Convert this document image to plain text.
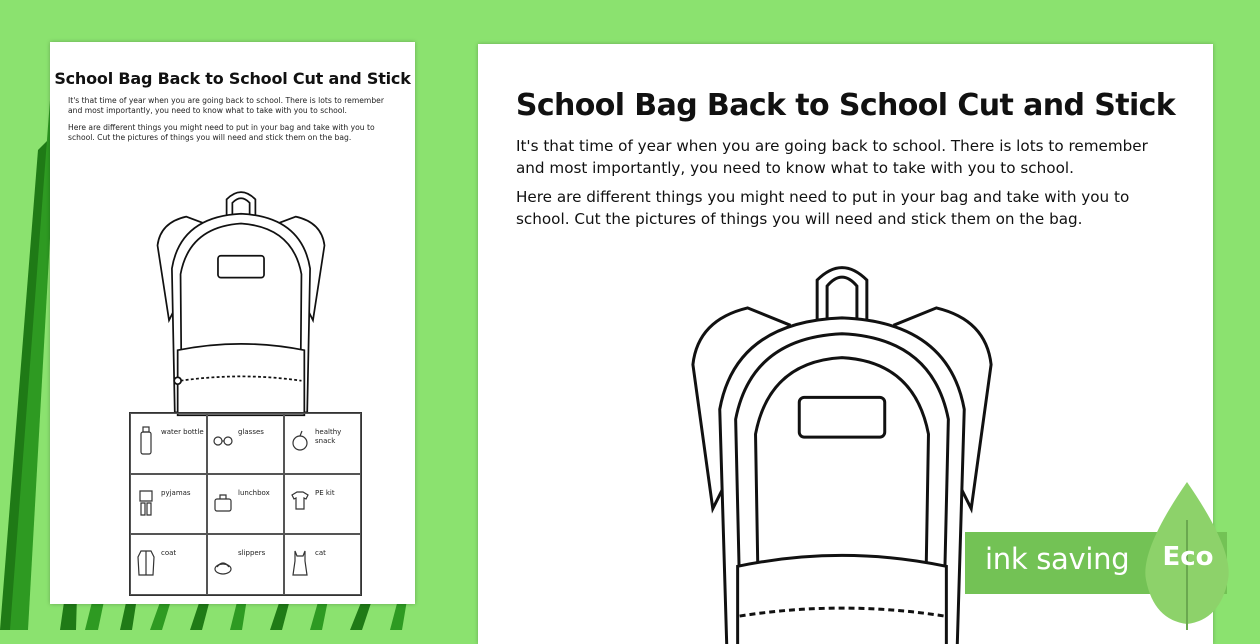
School Bag Back to School Cut and Stick
It's that time of year when you are going back to school. There is lots to remember and most importantly, you need to know what to take with you to school.
Here are different things you might need to put in your bag and take with you to school. Cut the pictures of things you will need and stick them on the bag.
water bottle	glasses	healthy snack
pyjamas	lunchbox	PE kit
coat	slippers	cat
School Bag Back to School Cut and Stick
It's that time of year when you are going back to school. There is lots to remember and most importantly, you need to know what to take with you to school.
Here are different things you might need to put in your bag and take with you to school. Cut the pictures of things you will need and stick them on the bag.
ink saving Eco
